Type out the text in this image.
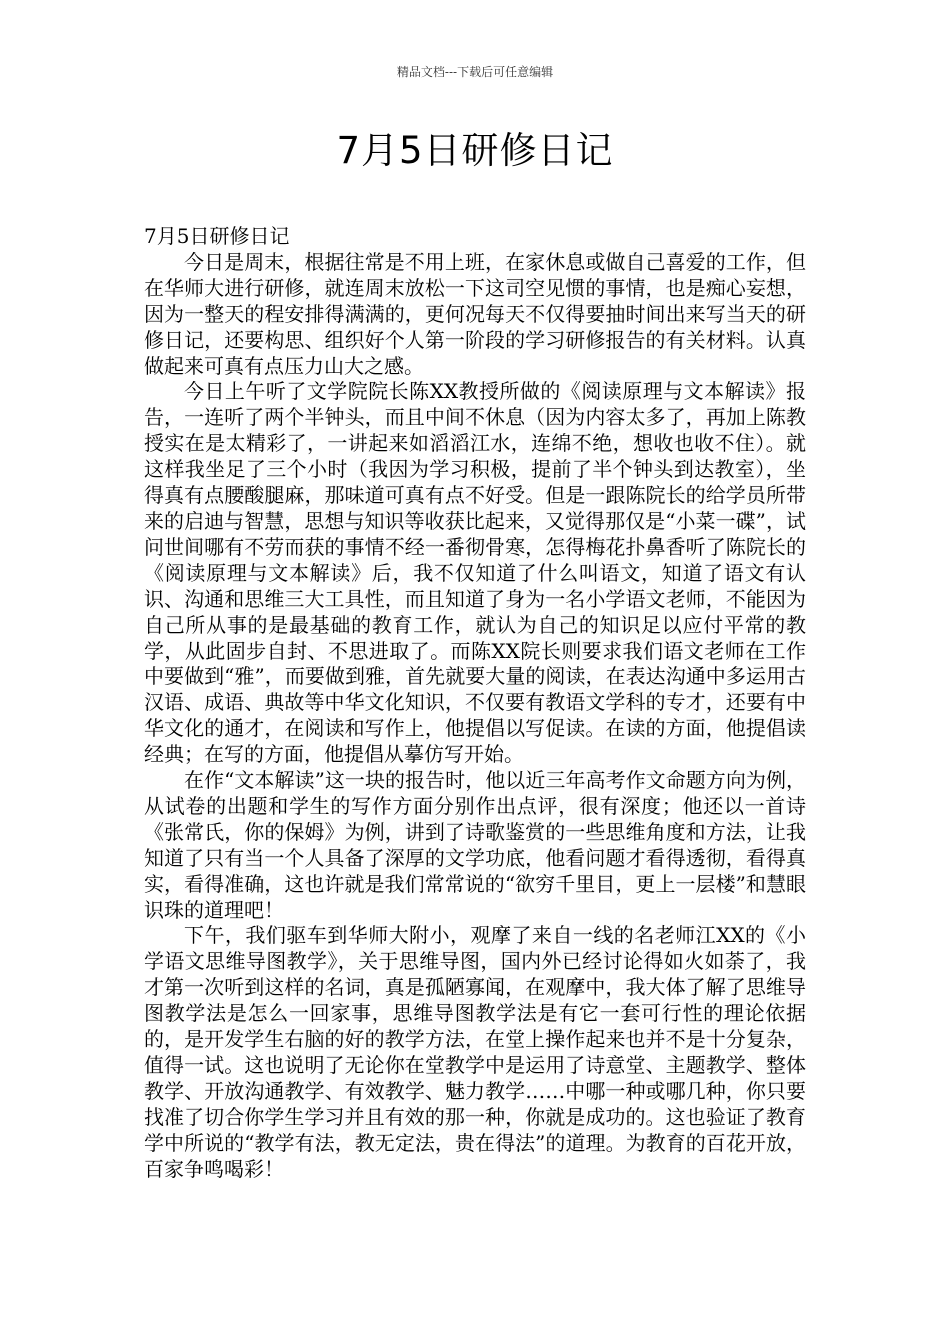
精品文档---下载后可任意编辑
7月5日研修日记

7月5日研修日记

今日是周末，根据往常是不用上班，在家休息或做自己喜爱的工作，但在华师大进行研修，就连周末放松一下这司空见惯的事情，也是痴心妄想，因为一整天的程安排得满满的，更何况每天不仅得要抽时间出来写当天的研修日记，还要构思、组织好个人第一阶段的学习研修报告的有关材料。认真做起来可真有点压力山大之感。

今日上午听了文学院院长陈XX教授所做的《阅读原理与文本解读》报告，一连听了两个半钟头，而且中间不休息（因为内容太多了，再加上陈教授实在是太精彩了，一讲起来如滔滔江水，连绵不绝，想收也收不住）。就这样我坐足了三个小时（我因为学习积极，提前了半个钟头到达教室），坐得真有点腰酸腿麻，那味道可真有点不好受。但是一跟陈院长的给学员所带来的启迪与智慧，思想与知识等收获比起来，又觉得那仅是“小菜一碟”，试问世间哪有不劳而获的事情不经一番彻骨寒，怎得梅花扑鼻香听了陈院长的《阅读原理与文本解读》后，我不仅知道了什么叫语文，知道了语文有认识、沟通和思维三大工具性，而且知道了身为一名小学语文老师，不能因为自己所从事的是最基础的教育工作，就认为自己的知识足以应付平常的教学，从此固步自封、不思进取了。而陈XX院长则要求我们语文老师在工作中要做到“雅”，而要做到雅，首先就要大量的阅读，在表达沟通中多运用古汉语、成语、典故等中华文化知识，不仅要有教语文学科的专才，还要有中华文化的通才，在阅读和写作上，他提倡以写促读。在读的方面，他提倡读经典；在写的方面，他提倡从摹仿写开始。

在作“文本解读”这一块的报告时，他以近三年高考作文命题方向为例，从试卷的出题和学生的写作方面分别作出点评，很有深度；他还以一首诗《张常氏，你的保姆》为例，讲到了诗歌鉴赏的一些思维角度和方法，让我知道了只有当一个人具备了深厚的文学功底，他看问题才看得透彻，看得真实，看得准确，这也许就是我们常常说的“欲穷千里目，更上一层楼”和慧眼识珠的道理吧！

下午，我们驱车到华师大附小，观摩了来自一线的名老师江XX的《小学语文思维导图教学》，关于思维导图，国内外已经讨论得如火如荼了，我才第一次听到这样的名词，真是孤陋寡闻，在观摩中，我大体了解了思维导图教学法是怎么一回家事，思维导图教学法是有它一套可行性的理论依据的，是开发学生右脑的好的教学方法，在堂上操作起来也并不是十分复杂，值得一试。这也说明了无论你在堂教学中是运用了诗意堂、主题教学、整体教学、开放沟通教学、有效教学、魅力教学……中哪一种或哪几种，你只要找准了切合你学生学习并且有效的那一种，你就是成功的。这也验证了教育学中所说的“教学有法，教无定法，贵在得法”的道理。为教育的百花开放，百家争鸣喝彩！
